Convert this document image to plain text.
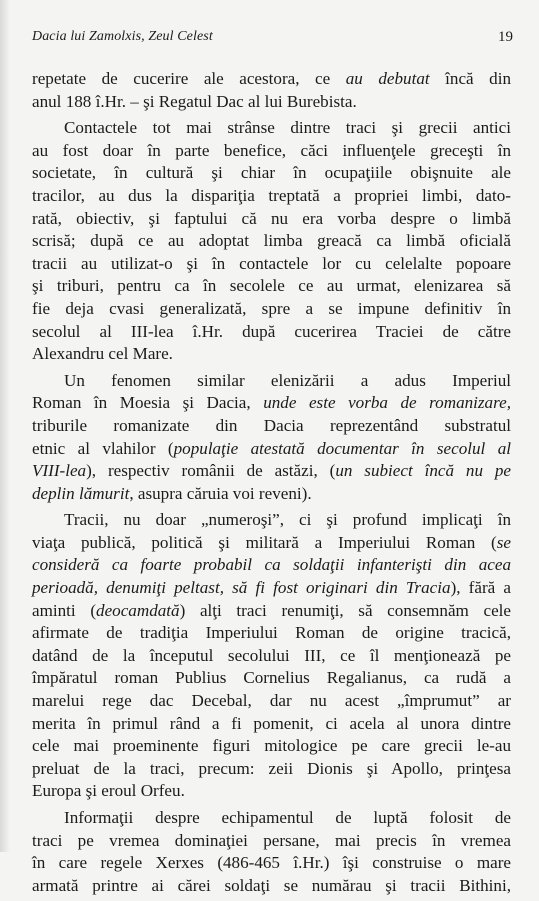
Dacia lui Zamolxis, Zeul Celest	19

repetate de cucerire ale acestora, ce au debutat încă din
anul 188 î.Hr. – şi Regatul Dac al lui Burebista.

Contactele tot mai strânse dintre traci şi grecii antici
au fost doar în parte benefice, căci influenţele greceşti în
societate, în cultură şi chiar în ocupaţiile obişnuite ale
tracilor, au dus la dispariţia treptată a propriei limbi, dato-
rată, obiectiv, şi faptului că nu era vorba despre o limbă
scrisă; după ce au adoptat limba greacă ca limbă oficială
tracii au utilizat-o şi în contactele lor cu celelalte popoare
şi triburi, pentru ca în secolele ce au urmat, elenizarea să
fie deja cvasi generalizată, spre a se impune definitiv în
secolul al III-lea î.Hr. după cucerirea Traciei de către
Alexandru cel Mare.

Un fenomen similar elenizării a adus Imperiul
Roman în Moesia şi Dacia, unde este vorba de romanizare,
triburile romanizate din Dacia reprezentând substratul
etnic al vlahilor (populaţie atestată documentar în secolul al
VIII-lea), respectiv românii de astăzi, (un subiect încă nu pe
deplin lămurit, asupra căruia voi reveni).

Tracii, nu doar „numeroşi”, ci şi profund implicaţi în
viaţa publică, politică şi militară a Imperiului Roman (se
consideră ca foarte probabil ca soldaţii infanterişti din acea
perioadă, denumiţi peltast, să fi fost originari din Tracia), fără a
aminti (deocamdată) alţi traci renumiţi, să consemnăm cele
afirmate de tradiţia Imperiului Roman de origine tracică,
datând de la începutul secolului III, ce îl menţionează pe
împăratul roman Publius Cornelius Regalianus, ca rudă a
marelui rege dac Decebal, dar nu acest „împrumut” ar
merita în primul rând a fi pomenit, ci acela al unora dintre
cele mai proeminente figuri mitologice pe care grecii le-au
preluat de la traci, precum: zeii Dionis şi Apollo, prinţesa
Europa şi eroul Orfeu.

Informaţii despre echipamentul de luptă folosit de
traci pe vremea dominaţiei persane, mai precis în vremea
în care regele Xerxes (486-465 î.Hr.) îşi construise o mare
armată printre ai cărei soldaţi se numărau şi tracii Bithini,
